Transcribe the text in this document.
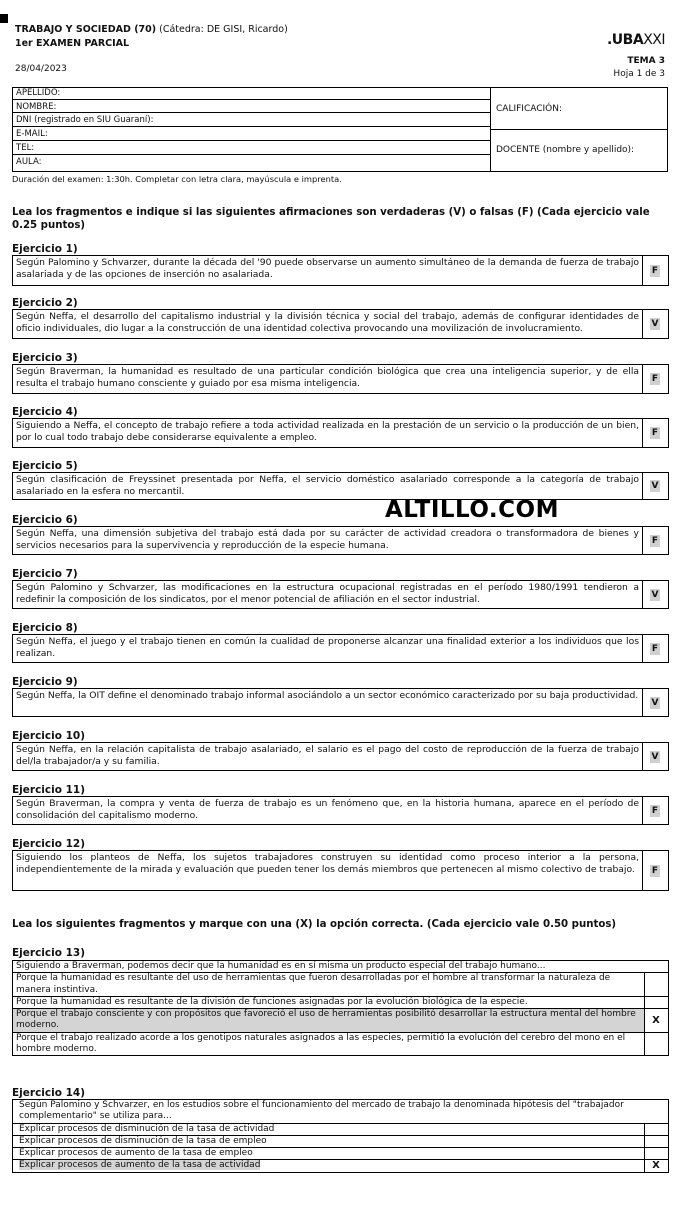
TRABAJO Y SOCIEDAD (70) (Cátedra: DE GISI, Ricardo)
1er EXAMEN PARCIAL
28/04/2023
.UBAXXI
TEMA 3
Hoja 1 de 3
APELLIDO:
NOMBRE:
DNI (registrado en SIU Guaraní):
E-MAIL:
TEL:
AULA:
CALIFICACIÓN:
DOCENTE (nombre y apellido):
Duración del examen: 1:30h. Completar con letra clara, mayúscula e imprenta.
Lea los fragmentos e indique si las siguientes afirmaciones son verdaderas (V) o falsas (F) (Cada ejercicio vale 0.25 puntos)
Ejercicio 1)
Según Palomino y Schvarzer, durante la década del '90 puede observarse un aumento simultáneo de la demanda de fuerza de trabajo asalariada y de las opciones de inserción no asalariada.	F
Ejercicio 2)
Según Neffa, el desarrollo del capitalismo industrial y la división técnica y social del trabajo, además de configurar identidades de oficio individuales, dio lugar a la construcción de una identidad colectiva provocando una movilización de involucramiento.	V
Ejercicio 3)
Según Braverman, la humanidad es resultado de una particular condición biológica que crea una inteligencia superior, y de ella resulta el trabajo humano consciente y guiado por esa misma inteligencia.	F
Ejercicio 4)
Siguiendo a Neffa, el concepto de trabajo refiere a toda actividad realizada en la prestación de un servicio o la producción de un bien, por lo cual todo trabajo debe considerarse equivalente a empleo.	F
Ejercicio 5)
Según clasificación de Freyssinet presentada por Neffa, el servicio doméstico asalariado corresponde a la categoría de trabajo asalariado en la esfera no mercantil.	V
ALTILLO.COM
Ejercicio 6)
Según Neffa, una dimensión subjetiva del trabajo está dada por su carácter de actividad creadora o transformadora de bienes y servicios necesarios para la supervivencia y reproducción de la especie humana.	F
Ejercicio 7)
Según Palomino y Schvarzer, las modificaciones en la estructura ocupacional registradas en el período 1980/1991 tendieron a redefinir la composición de los sindicatos, por el menor potencial de afiliación en el sector industrial.	V
Ejercicio 8)
Según Neffa, el juego y el trabajo tienen en común la cualidad de proponerse alcanzar una finalidad exterior a los individuos que los realizan.	F
Ejercicio 9)
Según Neffa, la OIT define el denominado trabajo informal asociándolo a un sector económico caracterizado por su baja productividad.
V
Ejercicio 10)
Según Neffa, en la relación capitalista de trabajo asalariado, el salario es el pago del costo de reproducción de la fuerza de trabajo del/la trabajador/a y su familia.	V
Ejercicio 11)
Según Braverman, la compra y venta de fuerza de trabajo es un fenómeno que, en la historia humana, aparece en el período de consolidación del capitalismo moderno.	F
Ejercicio 12)
Siguiendo los planteos de Neffa, los sujetos trabajadores construyen su identidad como proceso interior a la persona, independientemente de la mirada y evaluación que pueden tener los demás miembros que pertenecen al mismo colectivo de trabajo.	F
Lea los siguientes fragmentos y marque con una (X) la opción correcta. (Cada ejercicio vale 0.50 puntos)
Ejercicio 13)
Siguiendo a Braverman, podemos decir que la humanidad es en sí misma un producto especial del trabajo humano...
Porque la humanidad es resultante del uso de herramientas que fueron desarrolladas por el hombre al transformar la naturaleza de manera instintiva.
Porque la humanidad es resultante de la división de funciones asignadas por la evolución biológica de la especie.
Porque el trabajo consciente y con propósitos que favoreció el uso de herramientas posibilitó desarrollar la estructura mental del hombre moderno.	X
Porque el trabajo realizado acorde a los genotipos naturales asignados a las especies, permitió la evolución del cerebro del mono en el hombre moderno.
Ejercicio 14)
Según Palomino y Schvarzer, en los estudios sobre el funcionamiento del mercado de trabajo la denominada hipótesis del "trabajador complementario" se utiliza para...
Explicar procesos de disminución de la tasa de actividad
Explicar procesos de disminución de la tasa de empleo
Explicar procesos de aumento de la tasa de empleo
Explicar procesos de aumento de la tasa de actividad	X
